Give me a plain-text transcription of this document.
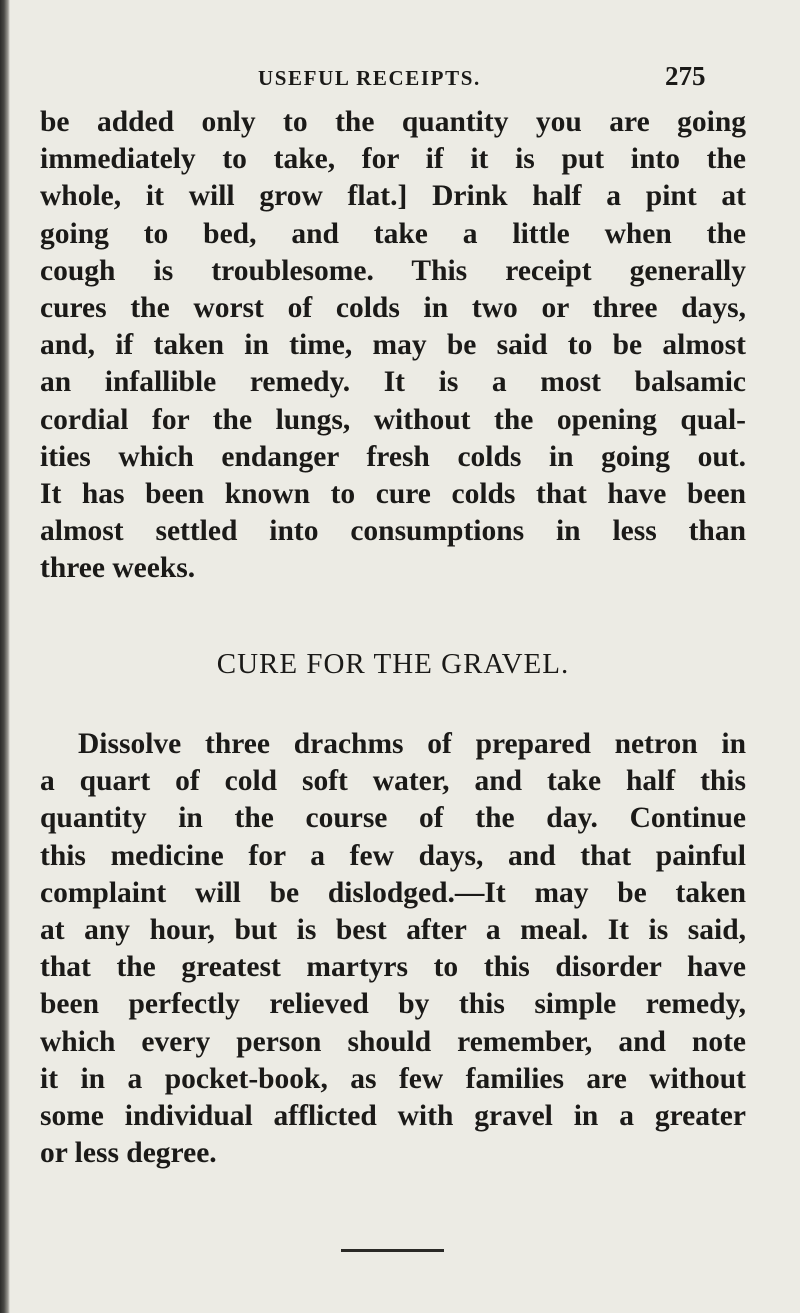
USEFUL RECEIPTS.	275
be added only to the quantity you are going
immediately to take, for if it is put into the
whole, it will grow flat.] Drink half a pint at
going to bed, and take a little when the
cough is troublesome. This receipt generally
cures the worst of colds in two or three days,
and, if taken in time, may be said to be almost
an infallible remedy. It is a most balsamic
cordial for the lungs, without the opening qual-
ities which endanger fresh colds in going out.
It has been known to cure colds that have been
almost settled into consumptions in less than
three weeks.
CURE FOR THE GRAVEL.
Dissolve three drachms of prepared netron in
a quart of cold soft water, and take half this
quantity in the course of the day. Continue
this medicine for a few days, and that painful
complaint will be dislodged.—It may be taken
at any hour, but is best after a meal. It is said,
that the greatest martyrs to this disorder have
been perfectly relieved by this simple remedy,
which every person should remember, and note
it in a pocket-book, as few families are without
some individual afflicted with gravel in a greater
or less degree.
